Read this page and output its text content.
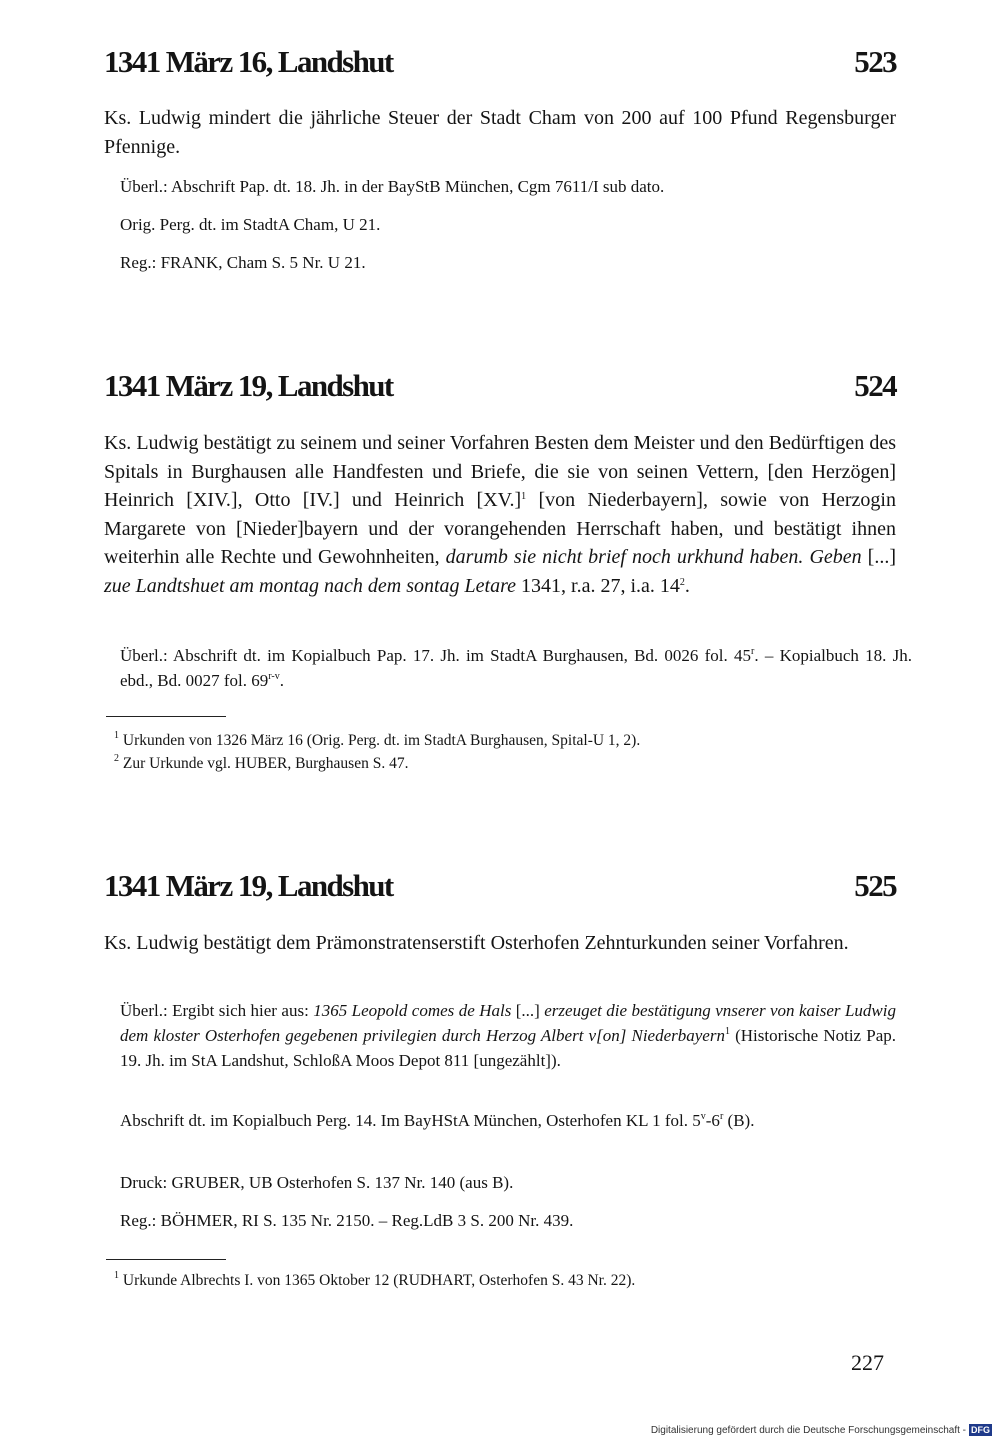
1341 März 16, Landshut	523

Ks. Ludwig mindert die jährliche Steuer der Stadt Cham von 200 auf 100 Pfund Regensburger Pfennige.

Überl.: Abschrift Pap. dt. 18. Jh. in der BayStB München, Cgm 7611/I sub dato.

Orig. Perg. dt. im StadtA Cham, U 21.

Reg.: FRANK, Cham S. 5 Nr. U 21.

1341 März 19, Landshut	524

Ks. Ludwig bestätigt zu seinem und seiner Vorfahren Besten dem Meister und den Bedürftigen des Spitals in Burghausen alle Handfesten und Briefe, die sie von seinen Vettern, [den Herzögen] Heinrich [XIV.], Otto [IV.] und Heinrich $[XV.]^1$ [von Niederbayern], sowie von Herzogin Margarete von [Nieder]bayern und der vorangehenden Herrschaft haben, und bestätigt ihnen weiterhin alle Rechte und Gewohnheiten, darumb sie nicht brief noch urkhund haben. Geben [...] zue Landtshuet am montag nach dem sontag Letare 1341, r.a. 27, i.a. $14^2$.

Überl.: Abschrift dt. im Kopialbuch Pap. 17. Jh. im StadtA Burghausen, Bd. 0026 fol. 45$^r$. – Kopialbuch 18. Jh. ebd., Bd. 0027 fol. 69$^{r-v}$.

$^1$ Urkunden von 1326 März 16 (Orig. Perg. dt. im StadtA Burghausen, Spital-U 1, 2).

$^2$ Zur Urkunde vgl. HUBER, Burghausen S. 47.

1341 März 19, Landshut	525

Ks. Ludwig bestätigt dem Prämonstratenserstift Osterhofen Zehnturkunden seiner Vorfahren.

Überl.: Ergibt sich hier aus: 1365 Leopold comes de Hals [...] erzeuget die bestätigung vnserer von kaiser Ludwig dem kloster Osterhofen gegebenen privilegien durch Herzog Albert v[on] Niederbayern$^1$ (Historische Notiz Pap. 19. Jh. im StA Landshut, SchloßA Moos Depot 811 [ungezählt]).

Abschrift dt. im Kopialbuch Perg. 14. Im BayHStA München, Osterhofen KL 1 fol. 5$^v$-6$^r$ (B).

Druck: GRUBER, UB Osterhofen S. 137 Nr. 140 (aus B).

Reg.: BÖHMER, RI S. 135 Nr. 2150. – Reg.LdB 3 S. 200 Nr. 439.

$^1$ Urkunde Albrechts I. von 1365 Oktober 12 (RUDHART, Osterhofen S. 43 Nr. 22).

227
Digitalisierung gefördert durch die Deutsche Forschungsgemeinschaft - DFG
